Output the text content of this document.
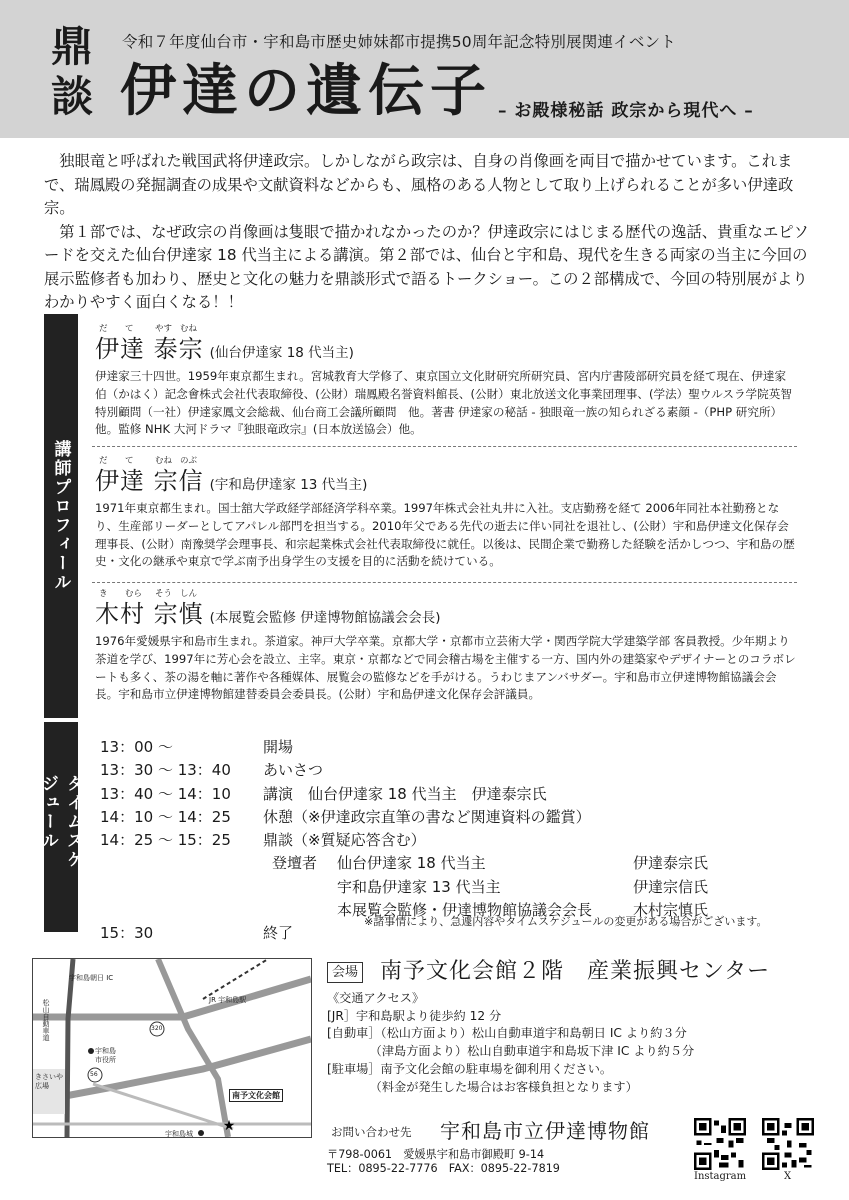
鼎
談
令和７年度仙台市・宇和島市歴史姉妹都市提携50周年記念特別展関連イベント
伊達の遺伝子 – お殿様秘話 政宗から現代へ –

独眼竜と呼ばれた戦国武将伊達政宗。しかしながら政宗は、自身の肖像画を両目で描かせています。これまで、瑞鳳殿の発掘調査の成果や文献資料などからも、風格のある人物として取り上げられることが多い伊達政宗。

第１部では、なぜ政宗の肖像画は隻眼で描かれなかったのか？伊達政宗にはじまる歴代の逸話、貴重なエピソードを交えた仙台伊達家 18 代当主による講演。第２部では、仙台と宇和島、現代を生きる両家の当主に今回の展示監修者も加わり、歴史と文化の魅力を鼎談形式で語るトークショー。この２部構成で、今回の特別展がよりわかりやすく面白くなる！！

講師プロフィール
だ て	やす むね
伊達 泰宗 (仙台伊達家 18 代当主)
伊達家三十四世。1959年東京都生まれ。宮城教育大学修了、東京国立文化財研究所研究員、宮内庁書陵部研究員を経て現在、伊達家伯（かはく）記念會株式会社代表取締役、(公財）瑞鳳殿名誉資料館長、(公財）東北放送文化事業団理事、(学法）聖ウルスラ学院英智特別顧問（一社）伊達家鳳文会総裁、仙台商工会議所顧問　他。著書 伊達家の秘話 - 独眼竜一族の知られざる素顔 -（PHP 研究所）他。監修 NHK 大河ドラマ『独眼竜政宗』(日本放送協会）他。
だ て	むね のぶ
伊達 宗信 (宇和島伊達家 13 代当主)
1971年東京都生まれ。国士舘大学政経学部経済学科卒業。1997年株式会社丸井に入社。支店勤務を経て 2006年同社本社勤務となり、生産部リーダーとしてアパレル部門を担当する。2010年父である先代の逝去に伴い同社を退社し、(公財）宇和島伊達文化保存会理事長、(公財）南豫奨学会理事長、和宗起業株式会社代表取締役に就任。以後は、民間企業で勤務した経験を活かしつつ、宇和島の歴史・文化の継承や東京で学ぶ南予出身学生の支援を目的に活動を続けている。
き むら そう しん
木村 宗慎 (本展覧会監修 伊達博物館協議会会長)
1976年愛媛県宇和島市生まれ。茶道家。神戸大学卒業。京都大学・京都市立芸術大学・関西学院大学建築学部 客員教授。少年期より茶道を学び、1997年に芳心会を設立、主宰。東京・京都などで同会稽古場を主催する一方、国内外の建築家やデザイナーとのコラボレートも多く、茶の湯を軸に著作や各種媒体、展覧会の監修などを手がける。うわじまアンバサダー。宇和島市立伊達博物館協議会会長。宇和島市立伊達博物館建替委員会委員長。(公財）宇和島伊達文化保存会評議員。
タイムスケジュール
13：00 〜	開場
13：30 〜 13：40 あいさつ
13：40 〜 14：10 講演　仙台伊達家 18 代当主　伊達泰宗氏
14：10 〜 14：25 休憩（※伊達政宗直筆の書など関連資料の鑑賞）
14：25 〜 15：25 鼎談（※質疑応答含む）
登壇者 仙台伊達家 18 代当主	伊達泰宗氏
宇和島伊達家 13 代当主	伊達宗信氏
本展覧会監修・伊達博物館協議会会長	木村宗慎氏
15：30	終了
※諸事情により、急遽内容やタイムスケジュールの変更がある場合がございます。
★
宇和島朝日 IC
JR 宇和島駅
松山自動車道
宇和島
市役所
きさいや
広場
宇和島城
320
56
南予文化会館
会場 南予文化会館２階　産業振興センター
《交通アクセス》
[JR］宇和島駅より徒歩約 12 分
[自動車］（松山方面より）松山自動車道宇和島朝日 IC より約３分
　　　　（津島方面より）松山自動車道宇和島坂下津 IC より約５分
[駐車場］南予文化会館の駐車場を御利用ください。
　　　　（料金が発生した場合はお客様負担となります）
お問い合わせ先 宇和島市立伊達博物館
〒798-0061　愛媛県宇和島市御殿町 9-14
TEL：0895-22-7776　FAX：0895-22-7819
Instagram	X
